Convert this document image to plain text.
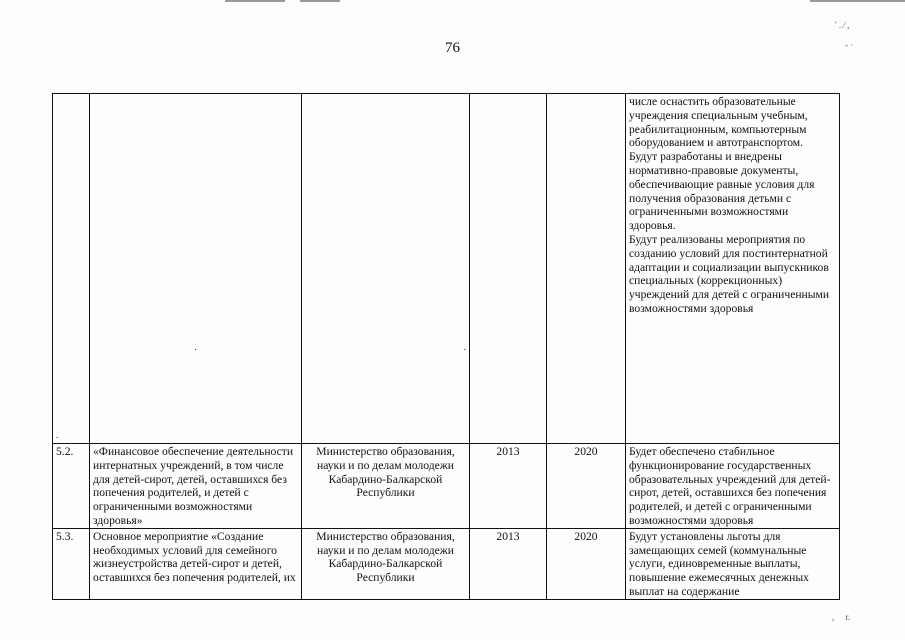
' . ⁄ ,
- ·
,     r.
76
.	.	.			числе оснастить образовательные учреждения специальным учебным, реабилитационным, компьютерным оборудованием и автотранспортом.
Будут разработаны и внедрены нормативно-правовые документы, обеспечивающие равные условия для получения образования детьми с ограниченными возможностями здоровья.
Будут реализованы мероприятия по созданию условий для постинтернатной адаптации и социализации выпускников специальных (коррекционных) учреждений для детей с ограниченными возможностями здоровья

5.2.	«Финансовое обеспечение деятельности интернатных учреждений, в том числе для детей-сирот, детей, оставшихся без попечения родителей, и детей с ограниченными возможностями здоровья»	Министерство образования, науки и по делам молодежи Кабардино-Балкарской Республики	2013	2020	Будет обеспечено стабильное функционирование государственных образовательных учреждений для детей-сирот, детей, оставшихся без попечения родителей, и детей с ограниченными возможностями здоровья
5.3.	Основное мероприятие «Создание необходимых условий для семейного жизнеустройства детей-сирот и детей, оставшихся без попечения родителей, их	Министерство образования, науки и по делам молодежи Кабардино-Балкарской Республики	2013	2020	Будут установлены льготы для замещающих семей (коммунальные услуги, единовременные выплаты, повышение ежемесячных денежных выплат на содержание
